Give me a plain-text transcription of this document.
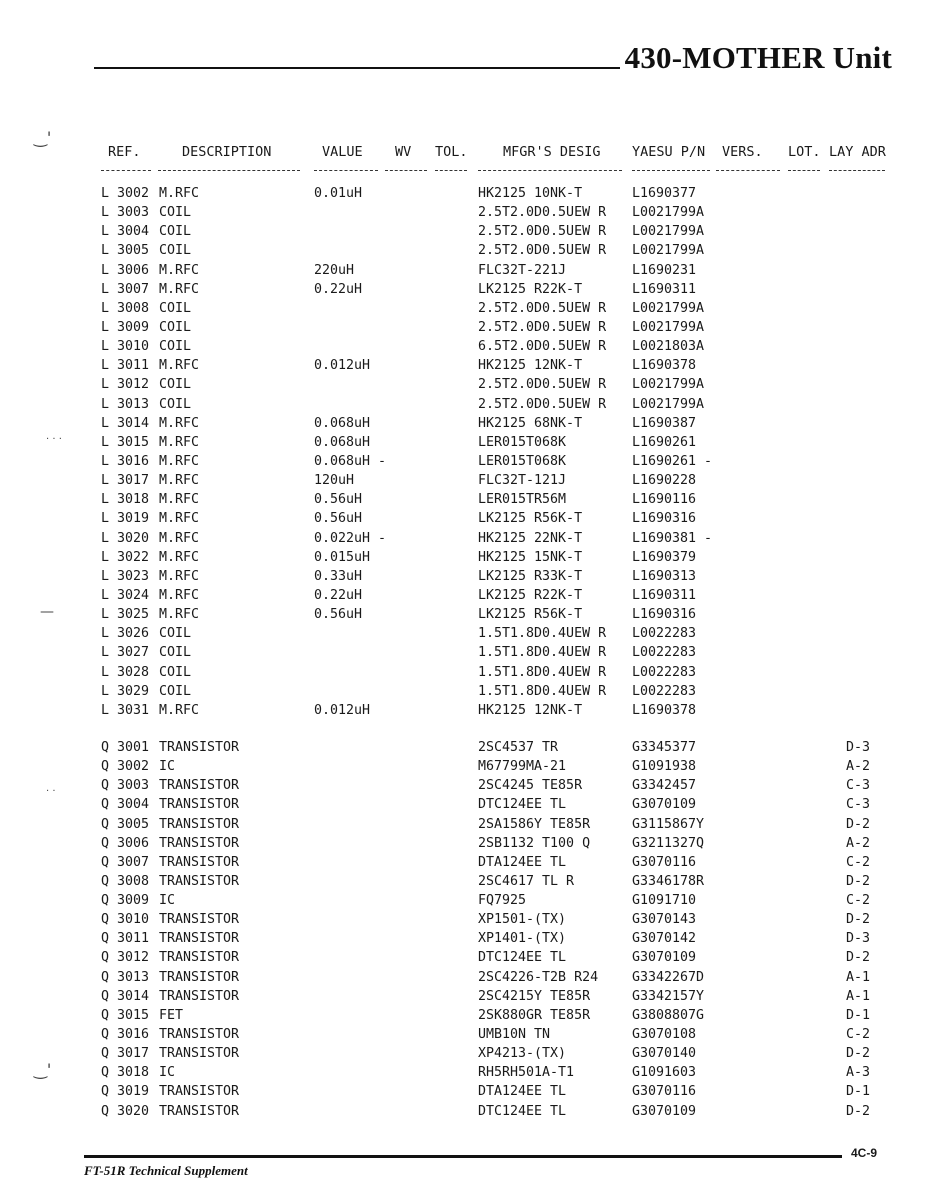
430-MOTHER Unit
‿'
· · ·
—
· ·
‿'
REF.	DESCRIPTION	VALUE WV TOL.	MFGR'S DESIG YAESU P/N VERS. LOT. LAY ADR
L 3002 M.RFC	0.01uH	HK2125 10NK-T	L1690377
L 3003 COIL	2.5T2.0D0.5UEW R L0021799A
L 3004 COIL	2.5T2.0D0.5UEW R L0021799A
L 3005 COIL	2.5T2.0D0.5UEW R L0021799A
L 3006 M.RFC	220uH	FLC32T-221J	L1690231
L 3007 M.RFC	0.22uH	LK2125 R22K-T	L1690311
L 3008 COIL	2.5T2.0D0.5UEW R L0021799A
L 3009 COIL	2.5T2.0D0.5UEW R L0021799A
L 3010 COIL	6.5T2.0D0.5UEW R L0021803A
L 3011 M.RFC	0.012uH	HK2125 12NK-T	L1690378
L 3012 COIL	2.5T2.0D0.5UEW R L0021799A
L 3013 COIL	2.5T2.0D0.5UEW R L0021799A
L 3014 M.RFC	0.068uH	HK2125 68NK-T	L1690387
L 3015 M.RFC	0.068uH	LER015T068K	L1690261
L 3016 M.RFC	0.068uH -	LER015T068K	L1690261 -
L 3017 M.RFC	120uH	FLC32T-121J	L1690228
L 3018 M.RFC	0.56uH	LER015TR56M	L1690116
L 3019 M.RFC	0.56uH	LK2125 R56K-T	L1690316
L 3020 M.RFC	0.022uH -	HK2125 22NK-T	L1690381 -
L 3022 M.RFC	0.015uH	HK2125 15NK-T	L1690379
L 3023 M.RFC	0.33uH	LK2125 R33K-T	L1690313
L 3024 M.RFC	0.22uH	LK2125 R22K-T	L1690311
L 3025 M.RFC	0.56uH	LK2125 R56K-T	L1690316
L 3026 COIL	1.5T1.8D0.4UEW R L0022283
L 3027 COIL	1.5T1.8D0.4UEW R L0022283
L 3028 COIL	1.5T1.8D0.4UEW R L0022283
L 3029 COIL	1.5T1.8D0.4UEW R L0022283
L 3031 M.RFC	0.012uH	HK2125 12NK-T	L1690378
Q 3001 TRANSISTOR	2SC4537 TR	G3345377	D-3
Q 3002 IC	M67799MA-21	G1091938	A-2
Q 3003 TRANSISTOR	2SC4245 TE85R	G3342457	C-3
Q 3004 TRANSISTOR	DTC124EE TL	G3070109	C-3
Q 3005 TRANSISTOR	2SA1586Y TE85R	G3115867Y	D-2
Q 3006 TRANSISTOR	2SB1132 T100 Q	G3211327Q	A-2
Q 3007 TRANSISTOR	DTA124EE TL	G3070116	C-2
Q 3008 TRANSISTOR	2SC4617 TL R	G3346178R	D-2
Q 3009 IC	FQ7925	G1091710	C-2
Q 3010 TRANSISTOR	XP1501-(TX)	G3070143	D-2
Q 3011 TRANSISTOR	XP1401-(TX)	G3070142	D-3
Q 3012 TRANSISTOR	DTC124EE TL	G3070109	D-2
Q 3013 TRANSISTOR	2SC4226-T2B R24	G3342267D	A-1
Q 3014 TRANSISTOR	2SC4215Y TE85R	G3342157Y	A-1
Q 3015 FET	2SK880GR TE85R	G3808807G	D-1
Q 3016 TRANSISTOR	UMB10N TN	G3070108	C-2
Q 3017 TRANSISTOR	XP4213-(TX)	G3070140	D-2
Q 3018 IC	RH5RH501A-T1	G1091603	A-3
Q 3019 TRANSISTOR	DTA124EE TL	G3070116	D-1
Q 3020 TRANSISTOR	DTC124EE TL	G3070109	D-2
4C-9
FT-51R Technical Supplement
